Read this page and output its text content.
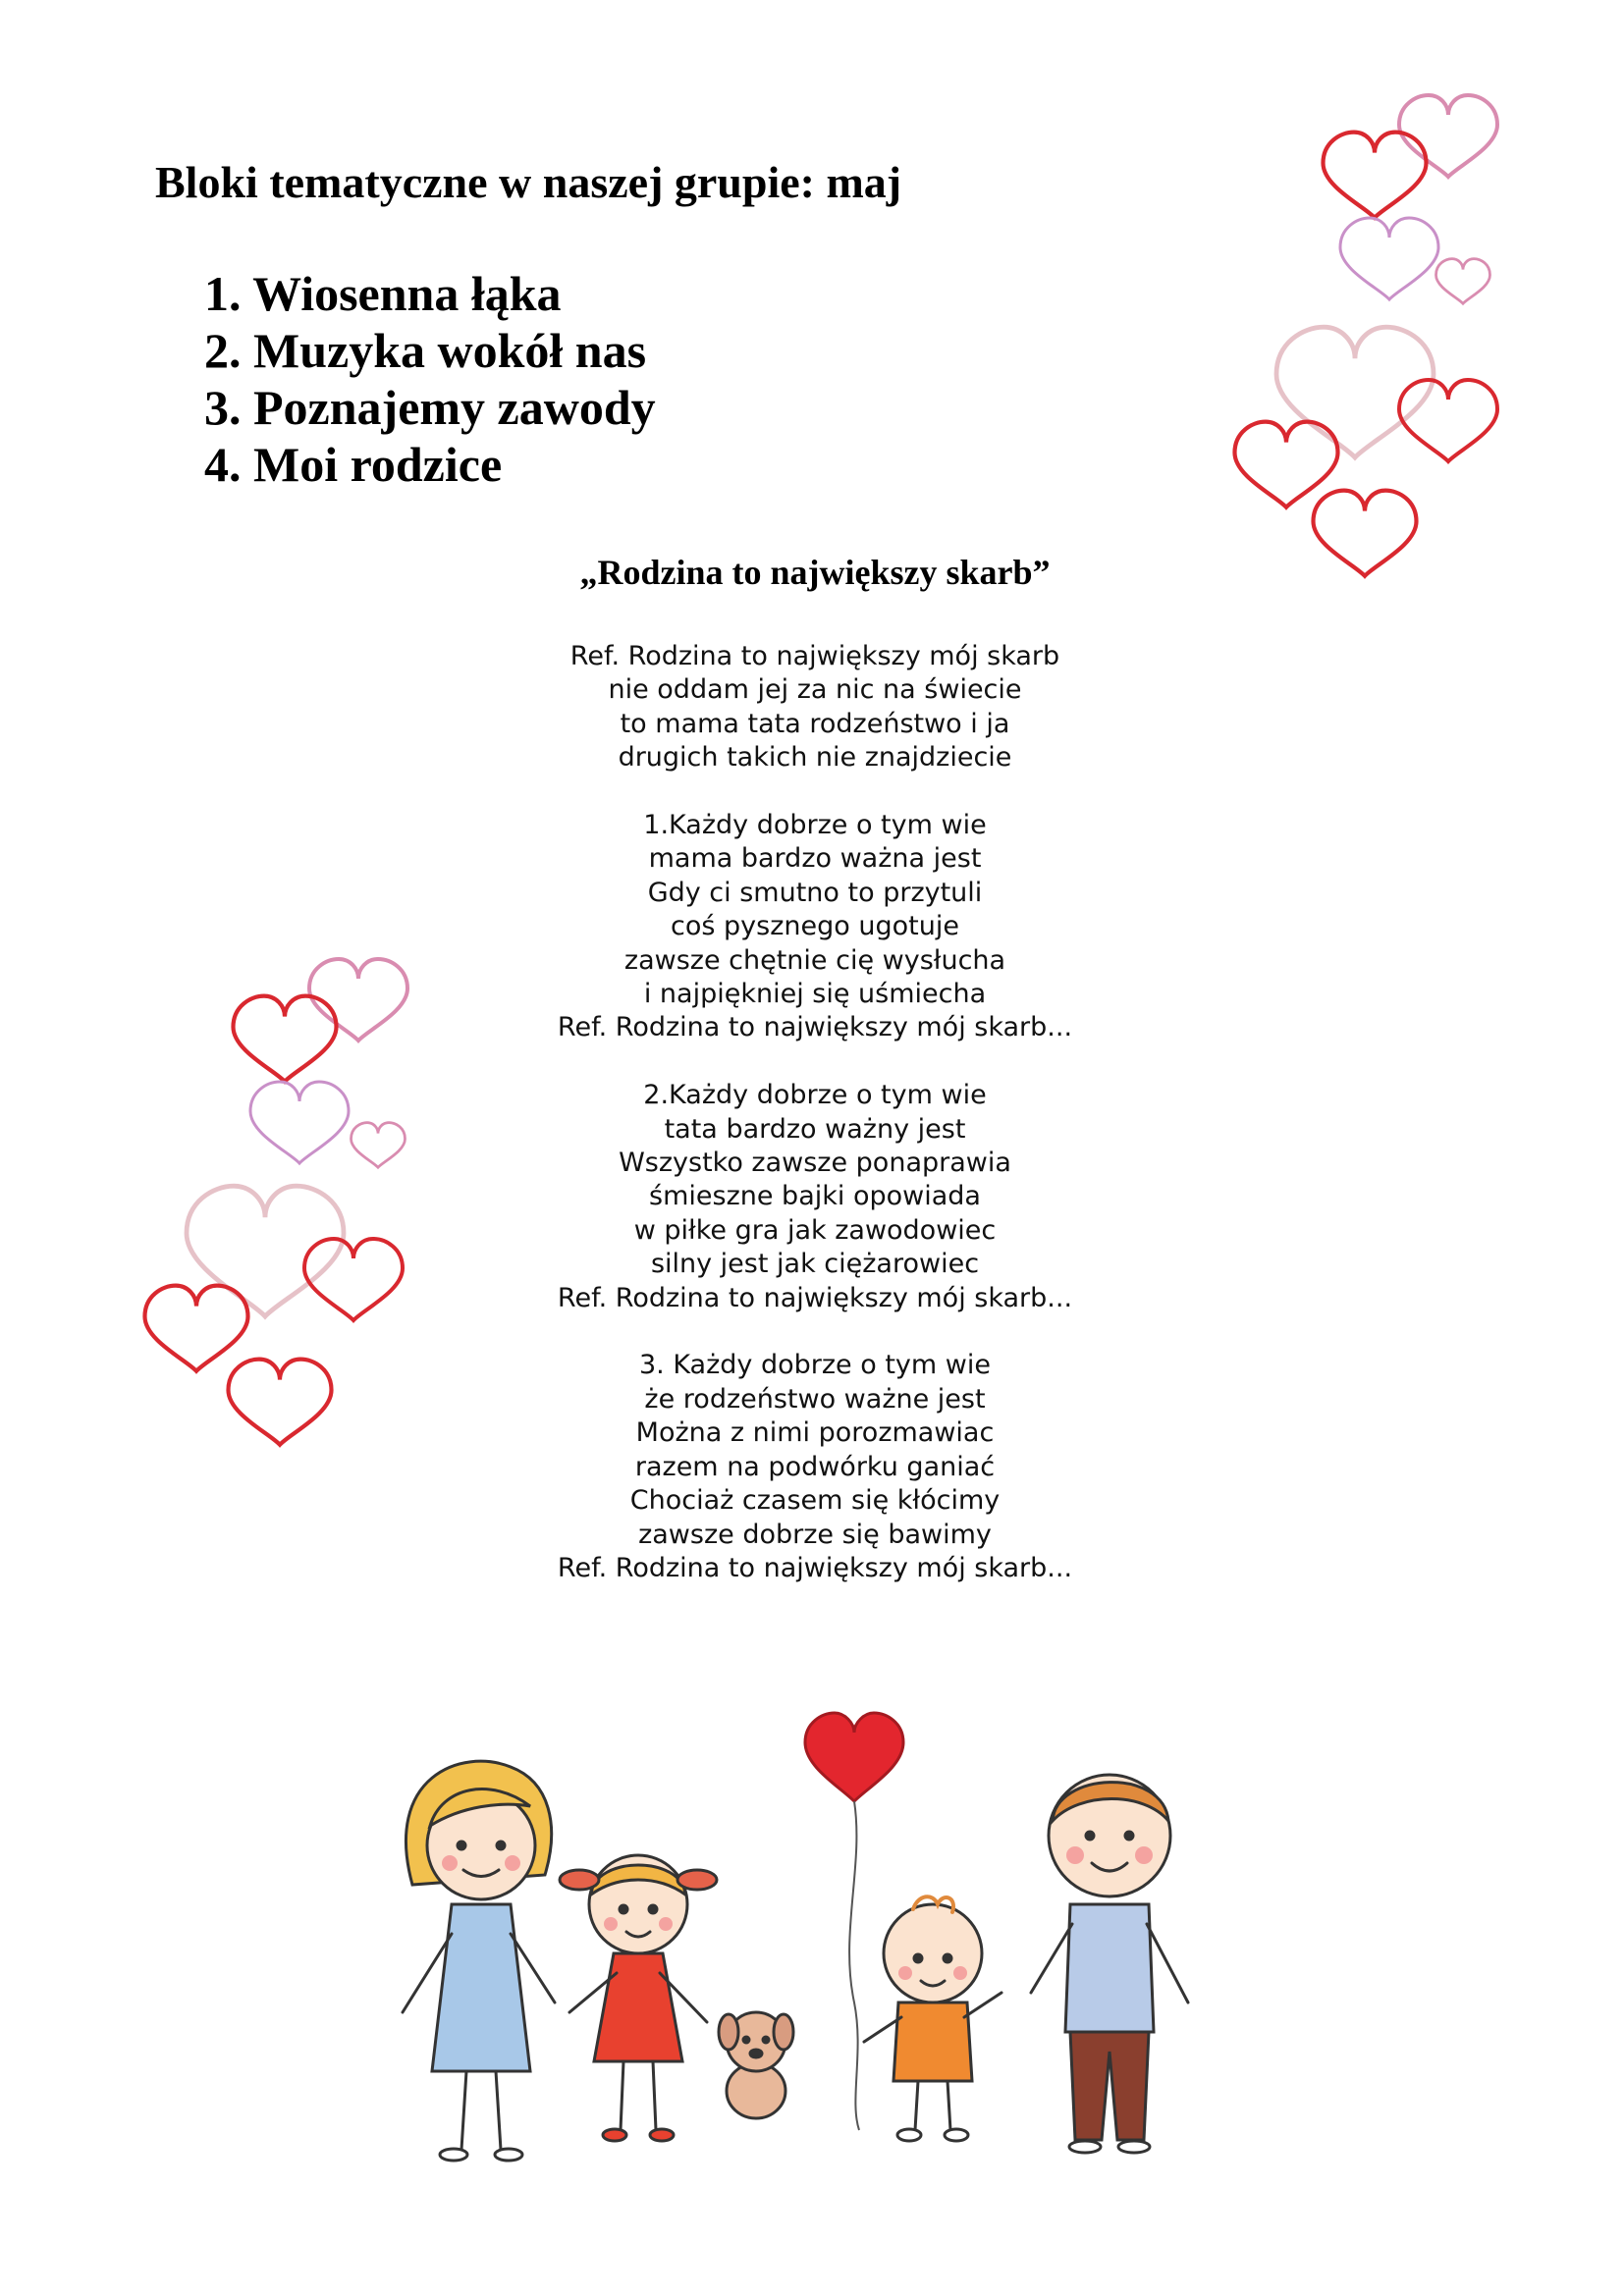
Bloki tematyczne w naszej grupie: maj
1. Wiosenna łąka
2. Muzyka wokół nas
3. Poznajemy zawody
4. Moi rodzice
„Rodzina to największy skarb”
Ref. Rodzina to największy mój skarb
nie oddam jej za nic na świecie
to mama tata rodzeństwo i ja
drugich takich nie znajdziecie
1.Każdy dobrze o tym wie
mama bardzo ważna jest
Gdy ci smutno to przytuli
coś pysznego ugotuje
zawsze chętnie cię wysłucha
i najpiękniej się uśmiecha
Ref. Rodzina to największy mój skarb...
2.Każdy dobrze o tym wie
tata bardzo ważny jest
Wszystko zawsze ponaprawia
śmieszne bajki opowiada
w piłke gra jak zawodowiec
silny jest jak ciężarowiec
Ref. Rodzina to największy mój skarb...
3. Każdy dobrze o tym wie
że rodzeństwo ważne jest
Można z nimi porozmawiac
razem na podwórku ganiać
Chociaż czasem się kłócimy
zawsze dobrze się bawimy
Ref. Rodzina to największy mój skarb...
